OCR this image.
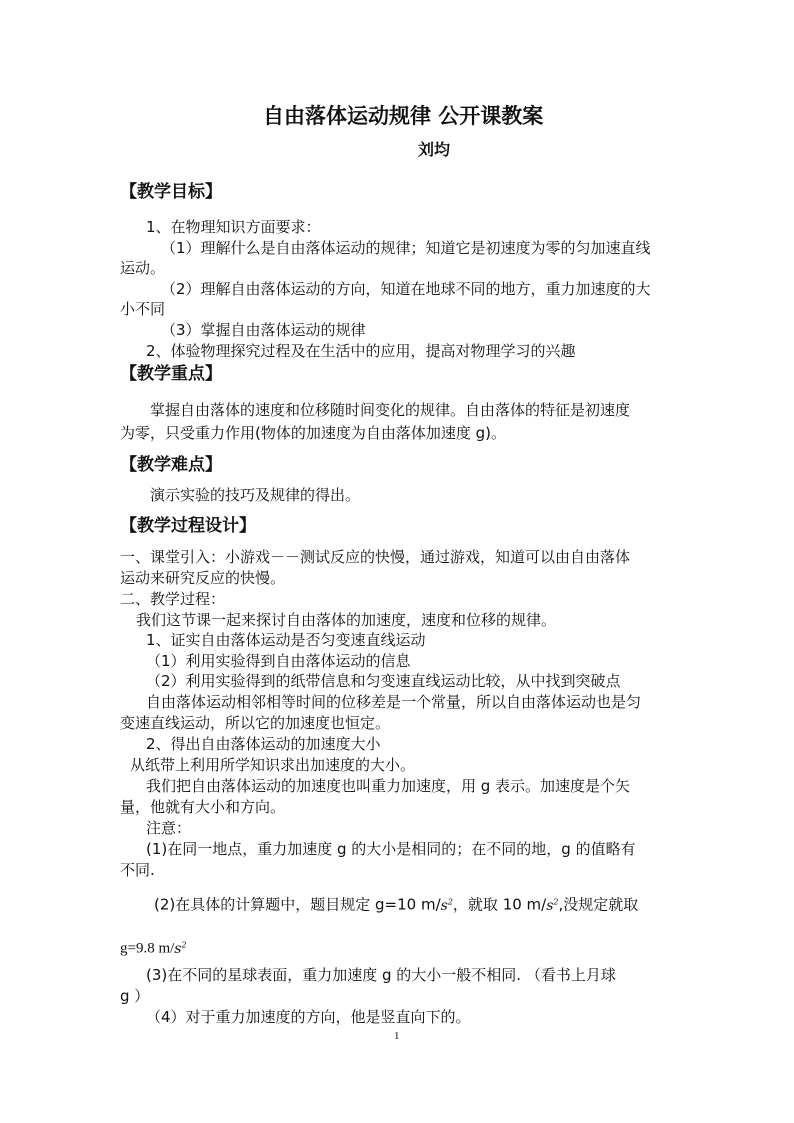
自由落体运动规律 公开课教案
刘均
【教学目标】
1、在物理知识方面要求：
（1）理解什么是自由落体运动的规律；知道它是初速度为零的匀加速直线
运动。
（2）理解自由落体运动的方向，知道在地球不同的地方，重力加速度的大
小不同
（3）掌握自由落体运动的规律
2、体验物理探究过程及在生活中的应用，提高对物理学习的兴趣
【教学重点】
掌握自由落体的速度和位移随时间变化的规律。自由落体的特征是初速度
为零，只受重力作用(物体的加速度为自由落体加速度 g)。
【教学难点】
演示实验的技巧及规律的得出。
【教学过程设计】
一、课堂引入：小游戏－－测试反应的快慢，通过游戏，知道可以由自由落体
运动来研究反应的快慢。
二、教学过程：
我们这节课一起来探讨自由落体的加速度，速度和位移的规律。
1、证实自由落体运动是否匀变速直线运动
（1）利用实验得到自由落体运动的信息
（2）利用实验得到的纸带信息和匀变速直线运动比较，从中找到突破点
自由落体运动相邻相等时间的位移差是一个常量，所以自由落体运动也是匀
变速直线运动，所以它的加速度也恒定。
2、得出自由落体运动的加速度大小
从纸带上利用所学知识求出加速度的大小。
我们把自由落体运动的加速度也叫重力加速度，用 g 表示。加速度是个矢
量，他就有大小和方向。
注意：
(1)在同一地点，重力加速度 g 的大小是相同的；在不同的地，g 的值略有
不同.
(2)在具体的计算题中，题目规定 g=10 $m/s^2$，就取 10 $m/s^2$,没规定就取
g=9.8 $m/s^2$
(3)在不同的星球表面，重力加速度 g 的大小一般不相同. （看书上月球
g ）
（4）对于重力加速度的方向，他是竖直向下的。
1
